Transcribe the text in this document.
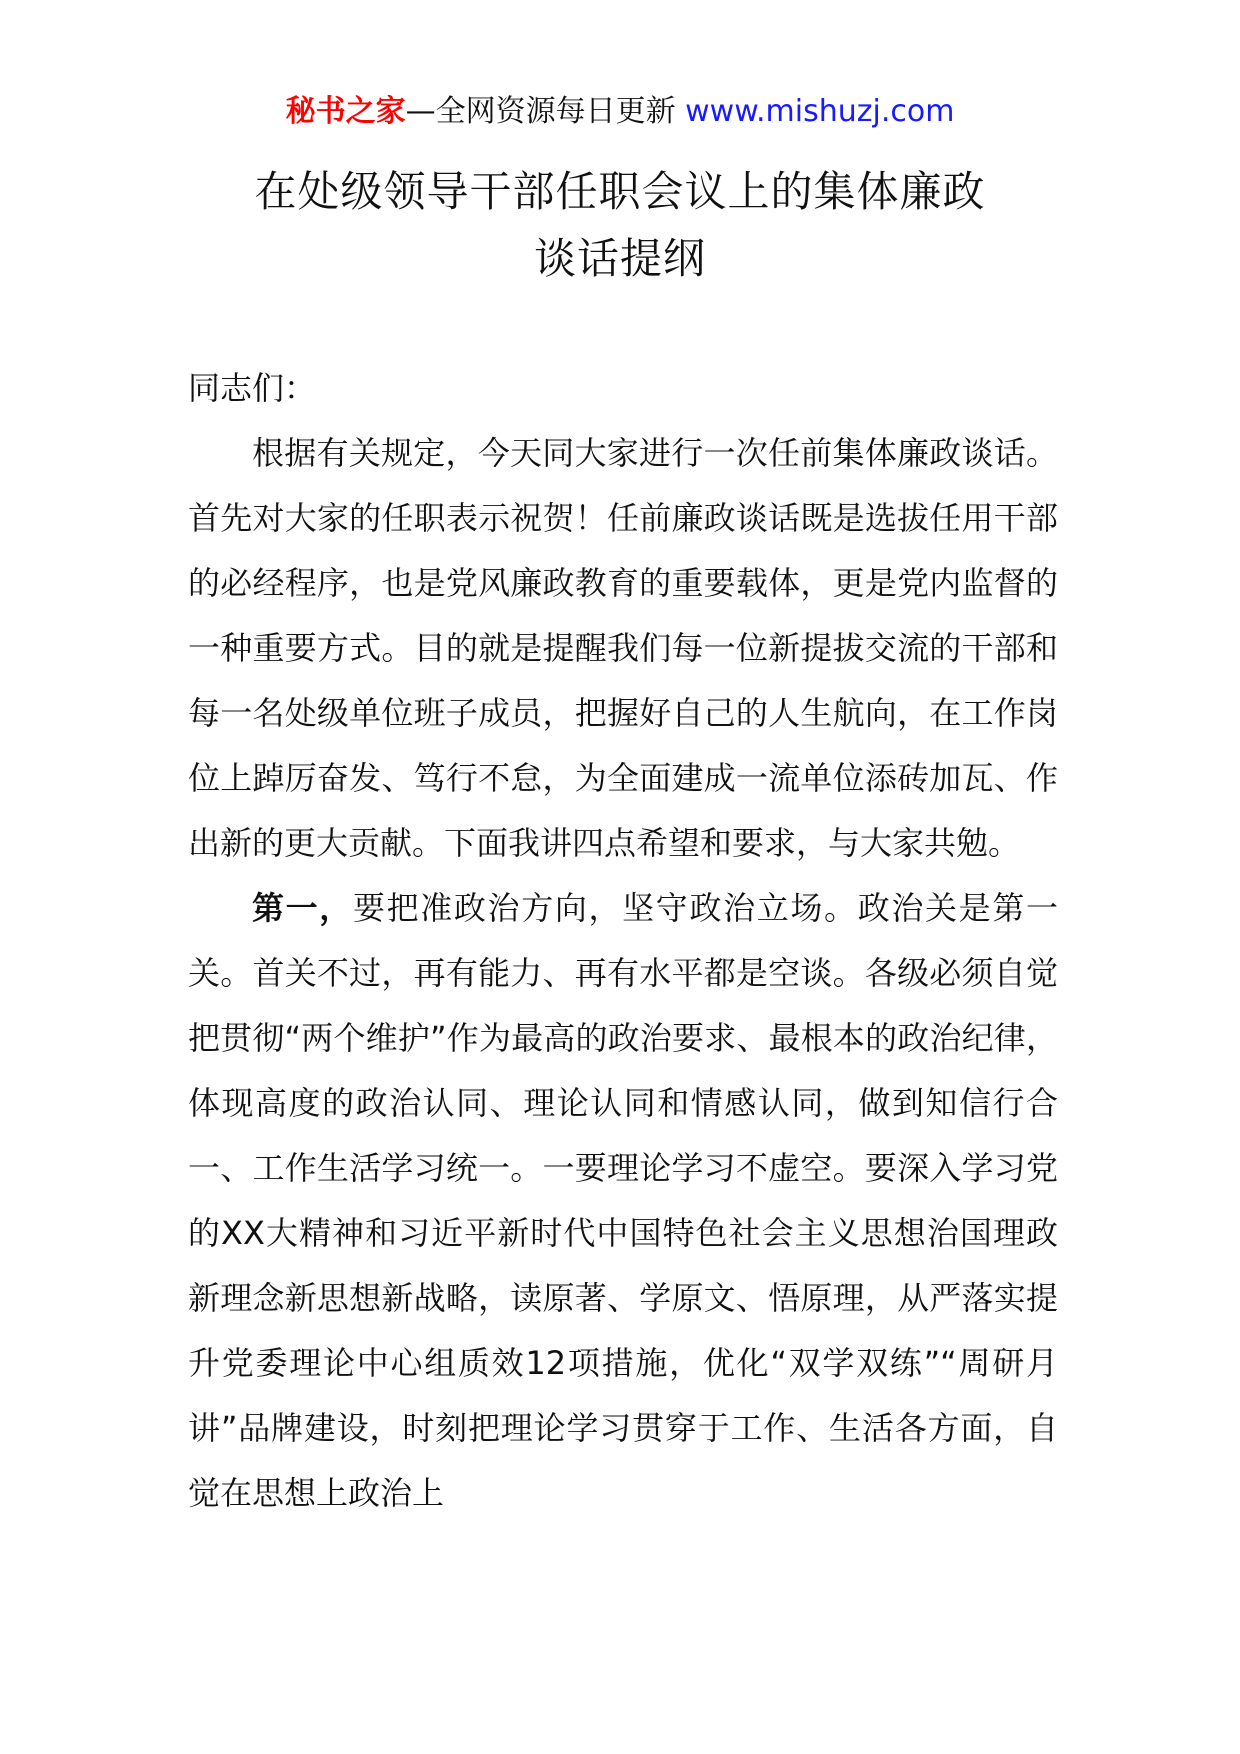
秘书之家—全网资源每日更新 www.mishuzj.com
在处级领导干部任职会议上的集体廉政
谈话提纲

同志们：

根据有关规定，今天同大家进行一次任前集体廉政谈话。首先对大家的任职表示祝贺！任前廉政谈话既是选拔任用干部的必经程序，也是党风廉政教育的重要载体，更是党内监督的一种重要方式。目的就是提醒我们每一位新提拔交流的干部和每一名处级单位班子成员，把握好自己的人生航向，在工作岗位上踔厉奋发、笃行不怠，为全面建成一流单位添砖加瓦、作出新的更大贡献。下面我讲四点希望和要求，与大家共勉。

第一，要把准政治方向，坚守政治立场。政治关是第一关。首关不过，再有能力、再有水平都是空谈。各级必须自觉把贯彻“两个维护”作为最高的政治要求、最根本的政治纪律，体现高度的政治认同、理论认同和情感认同，做到知信行合一、工作生活学习统一。一要理论学习不虚空。要深入学习党的XX大精神和习近平新时代中国特色社会主义思想治国理政新理念新思想新战略，读原著、学原文、悟原理，从严落实提升党委理论中心组质效12项措施，优化“双学双练”“周研月讲”品牌建设，时刻把理论学习贯穿于工作、生活各方面，自觉在思想上政治上
